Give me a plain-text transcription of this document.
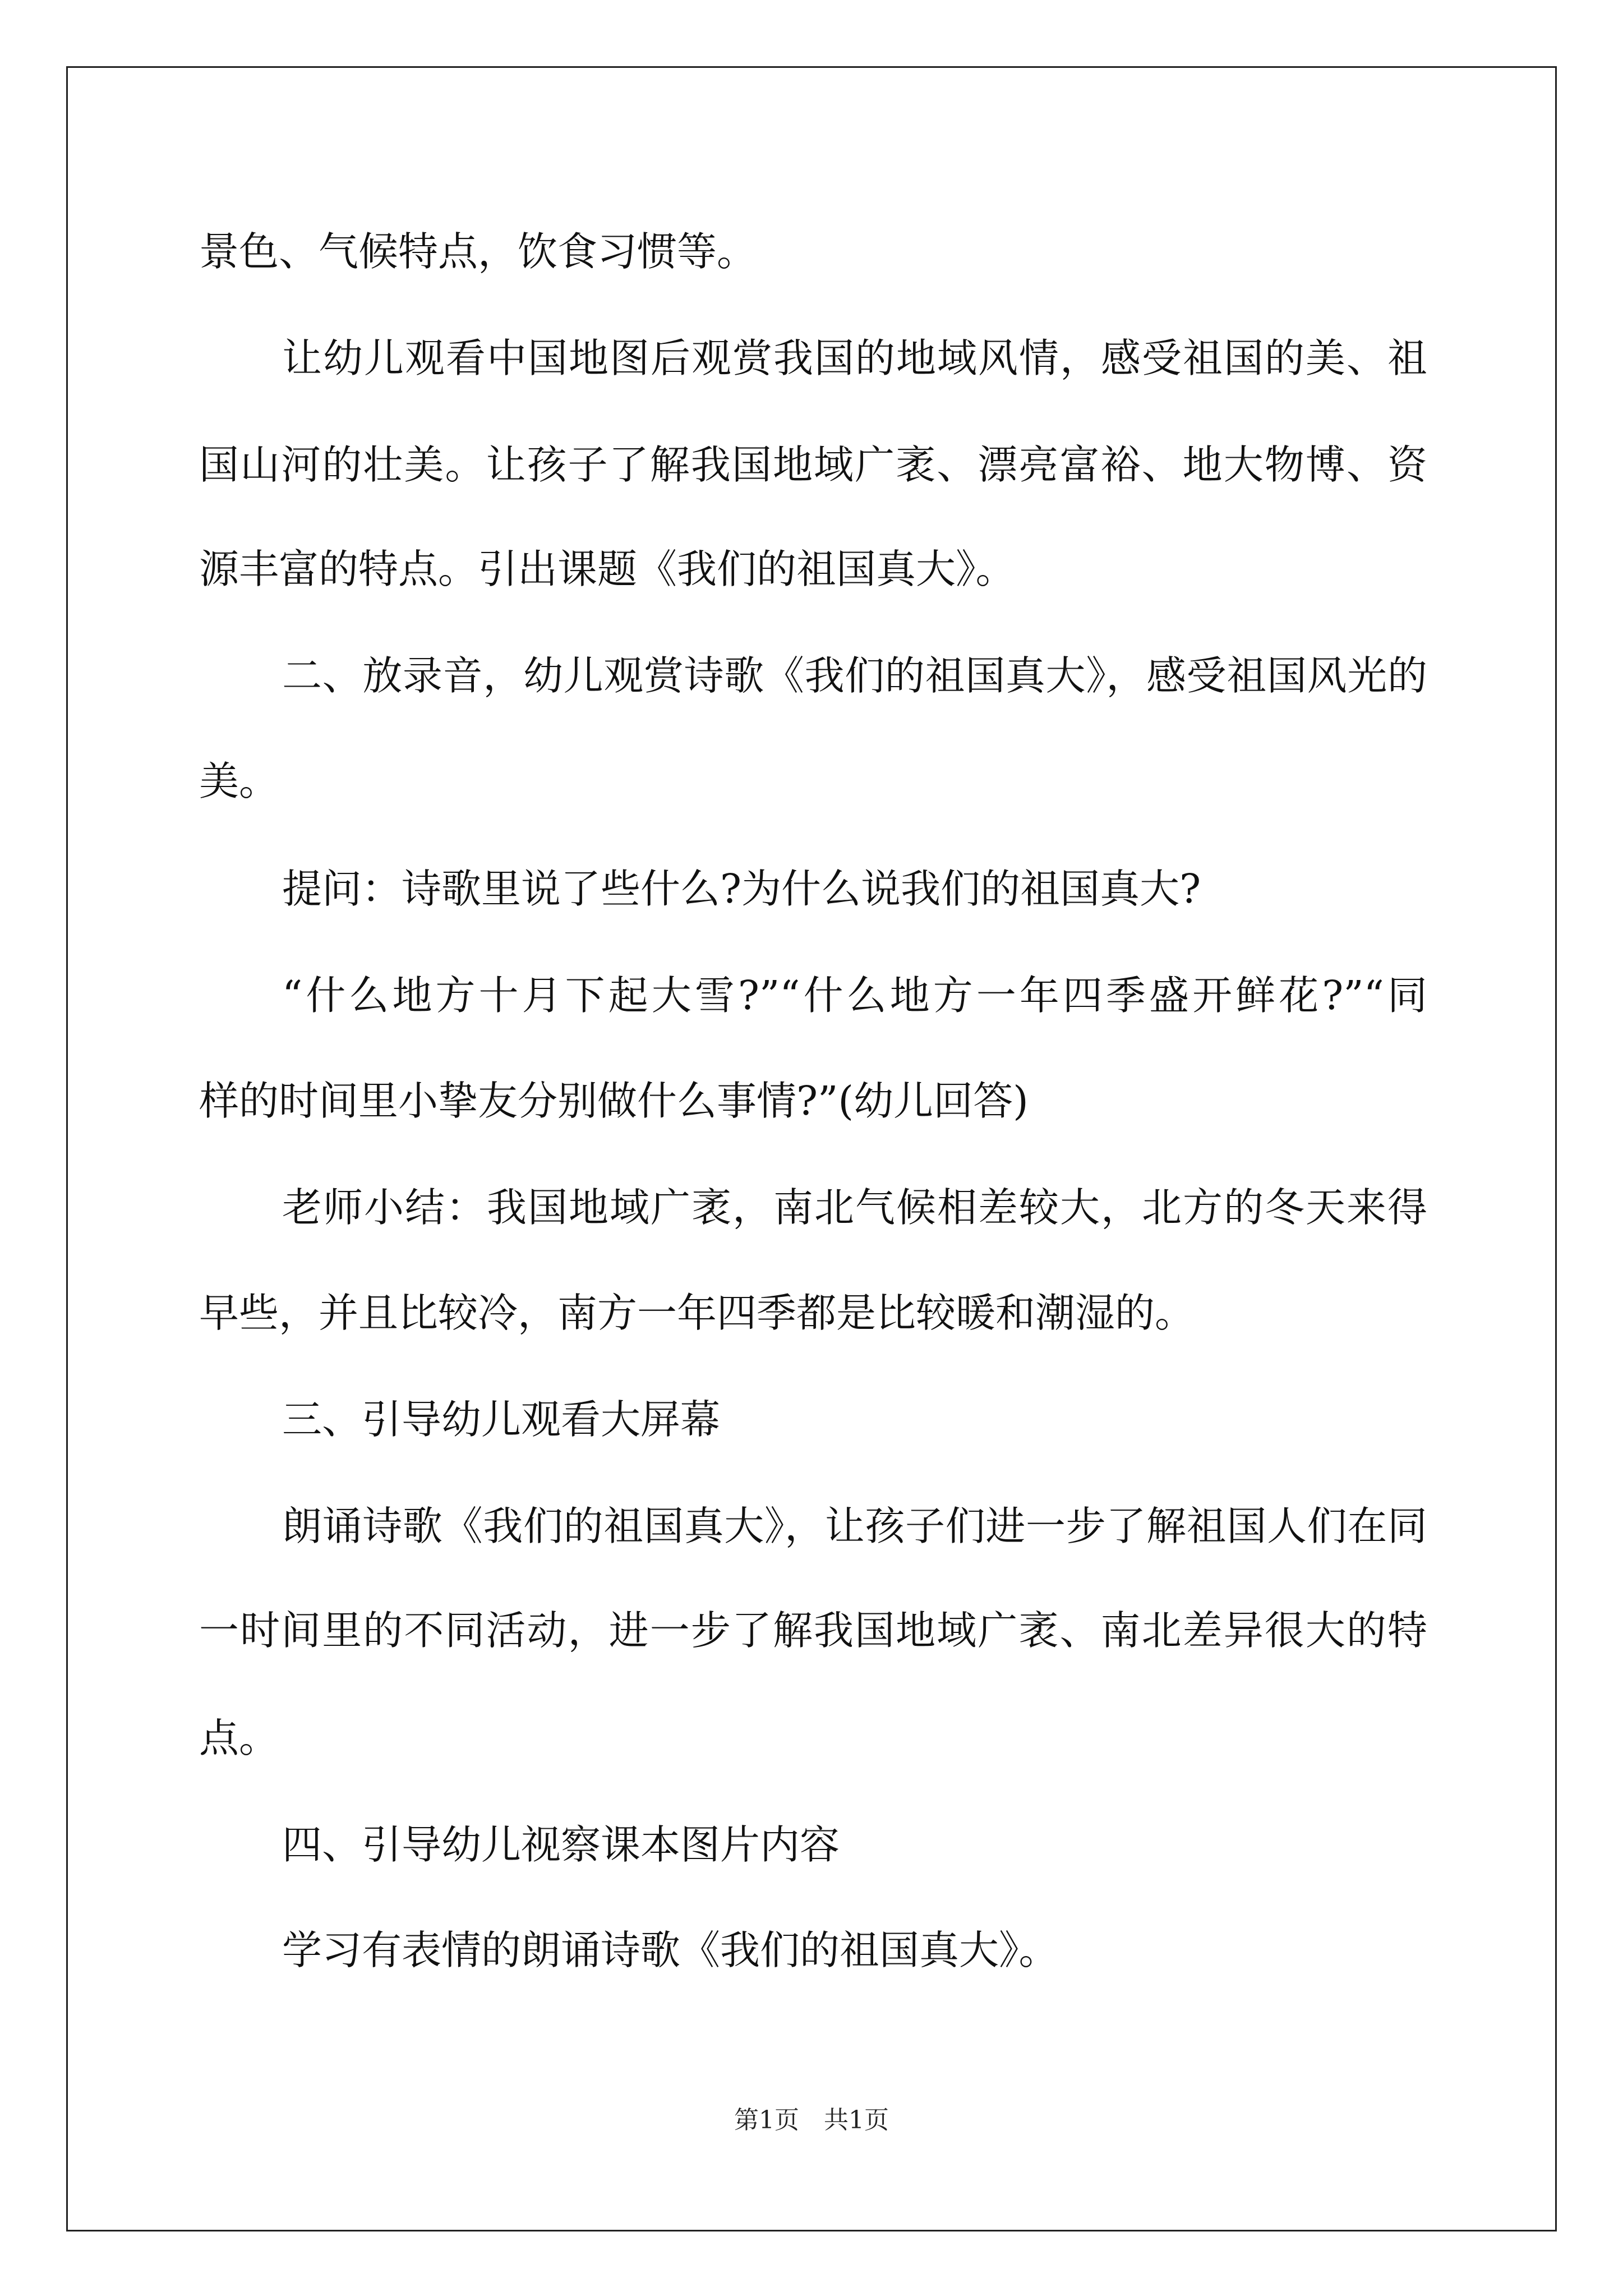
景色、气候特点，饮食习惯等。
让幼儿观看中国地图后观赏我国的地域风情，感受祖国的美、祖
国山河的壮美。让孩子了解我国地域广袤、漂亮富裕、地大物博、资
源丰富的特点。引出课题《我们的祖国真大》。
二、放录音，幼儿观赏诗歌《我们的祖国真大》，感受祖国风光的
美。
提问：诗歌里说了些什么?为什么说我们的祖国真大?
“什么地方十月下起大雪?”“什么地方一年四季盛开鲜花?”“同
样的时间里小挚友分别做什么事情?”(幼儿回答)
老师小结：我国地域广袤，南北气候相差较大，北方的冬天来得
早些，并且比较冷，南方一年四季都是比较暖和潮湿的。
三、引导幼儿观看大屏幕
朗诵诗歌《我们的祖国真大》，让孩子们进一步了解祖国人们在同
一时间里的不同活动，进一步了解我国地域广袤、南北差异很大的特
点。
四、引导幼儿视察课本图片内容
学习有表情的朗诵诗歌《我们的祖国真大》。
第1页　共1页
